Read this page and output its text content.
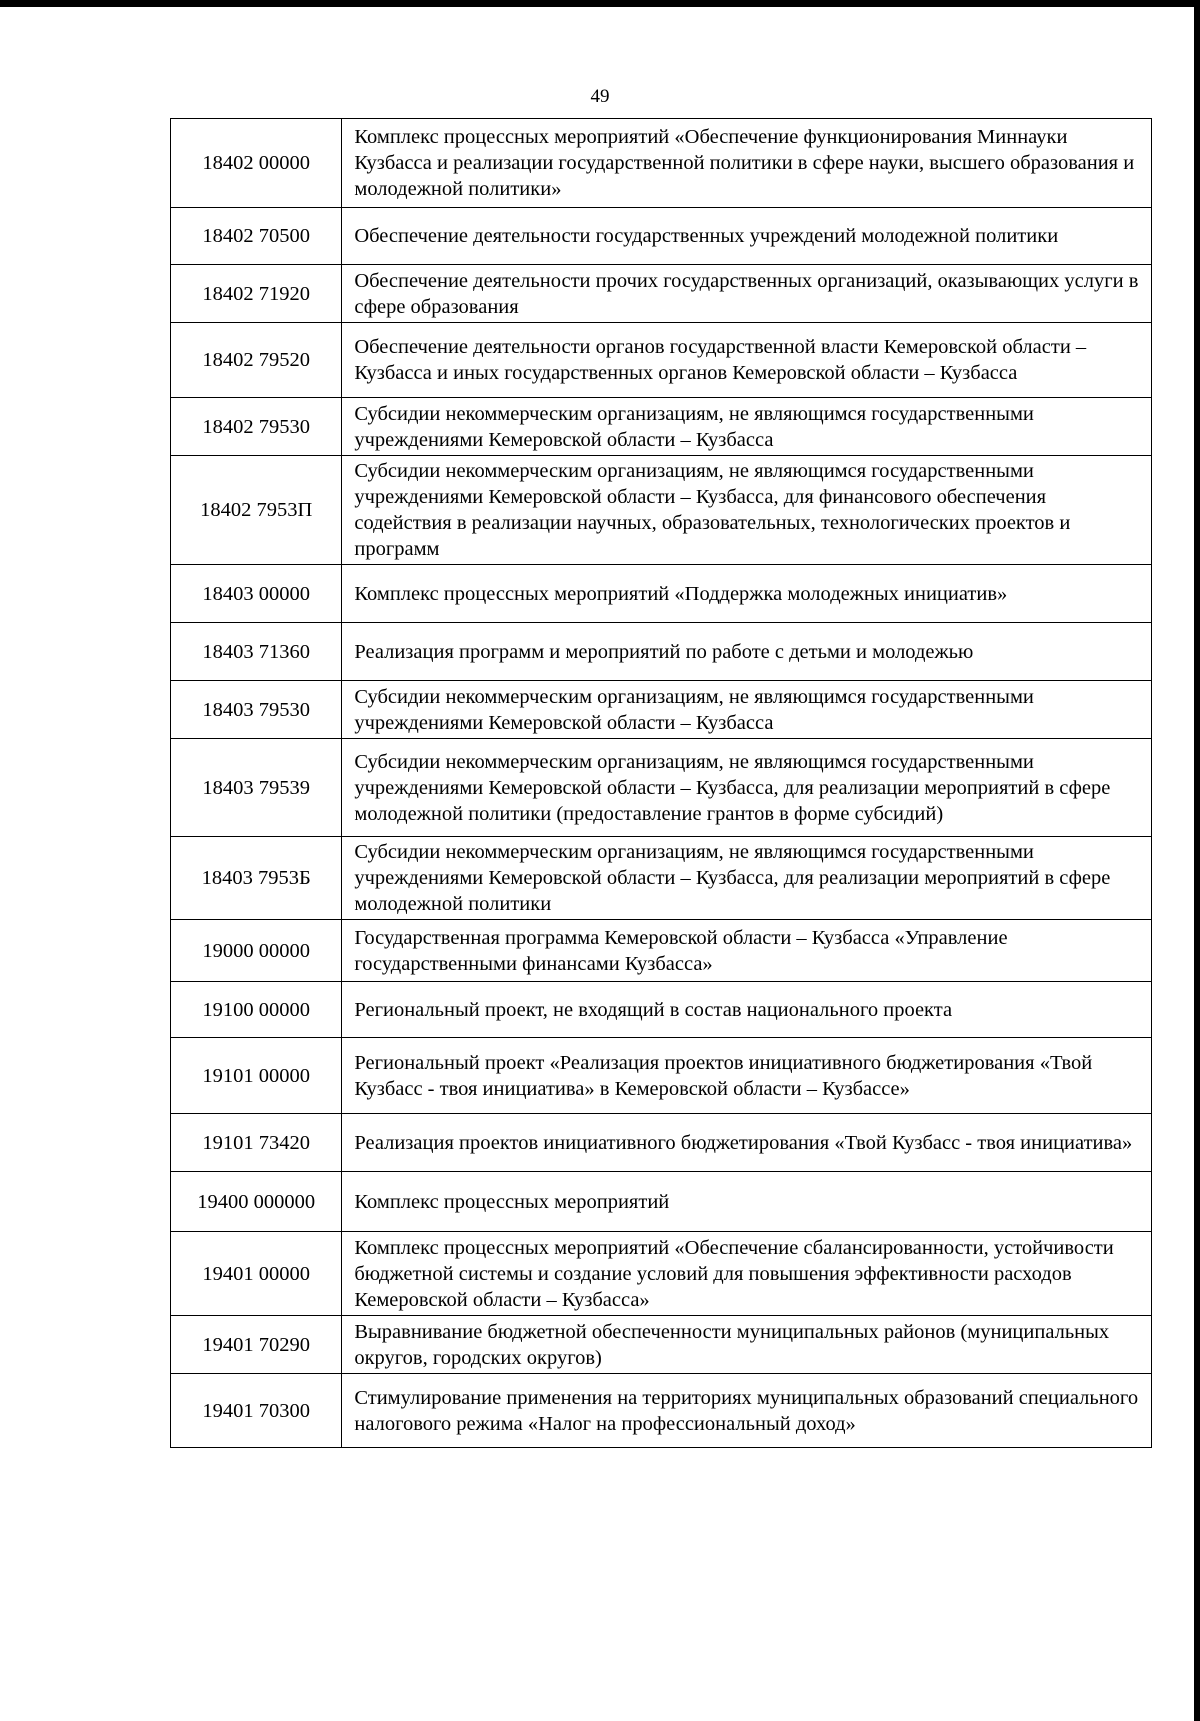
49
18402 00000	Комплекс процессных мероприятий «Обеспечение функционирования Миннауки Кузбасса и реализации государственной политики в сфере науки, высшего образования и молодежной политики»
18402 70500	Обеспечение деятельности государственных учреждений молодежной политики
18402 71920	Обеспечение деятельности прочих государственных организаций, оказывающих услуги в сфере образования
18402 79520	Обеспечение деятельности органов государственной власти Кемеровской области – Кузбасса и иных государственных органов Кемеровской области – Кузбасса
18402 79530	Субсидии некоммерческим организациям, не являющимся государственными учреждениями Кемеровской области – Кузбасса
18402 7953П	Субсидии некоммерческим организациям, не являющимся государственными учреждениями Кемеровской области – Кузбасса, для финансового обеспечения содействия в реализации научных, образовательных, технологических проектов и программ
18403 00000	Комплекс процессных мероприятий «Поддержка молодежных инициатив»
18403 71360	Реализация программ и мероприятий по работе с детьми и молодежью
18403 79530	Субсидии некоммерческим организациям, не являющимся государственными учреждениями Кемеровской области – Кузбасса
18403 79539	Субсидии некоммерческим организациям, не являющимся государственными учреждениями Кемеровской области – Кузбасса, для реализации мероприятий в сфере молодежной политики (предоставление грантов в форме субсидий)
18403 7953Б	Субсидии некоммерческим организациям, не являющимся государственными учреждениями Кемеровской области – Кузбасса, для реализации мероприятий в сфере молодежной политики
19000 00000	Государственная программа Кемеровской области – Кузбасса «Управление государственными финансами Кузбасса»
19100 00000	Региональный проект, не входящий в состав национального проекта
19101 00000	Региональный проект «Реализация проектов инициативного бюджетирования «Твой Кузбасс - твоя инициатива» в Кемеровской области – Кузбассе»
19101 73420	Реализация проектов инициативного бюджетирования «Твой Кузбасс - твоя инициатива»
19400 000000	Комплекс процессных мероприятий
19401 00000	Комплекс процессных мероприятий «Обеспечение сбалансированности, устойчивости бюджетной системы и создание условий для повышения эффективности расходов Кемеровской области – Кузбасса»
19401 70290	Выравнивание бюджетной обеспеченности муниципальных районов (муниципальных округов, городских округов)
19401 70300	Стимулирование применения на территориях муниципальных образований специального налогового режима «Налог на профессиональный доход»
